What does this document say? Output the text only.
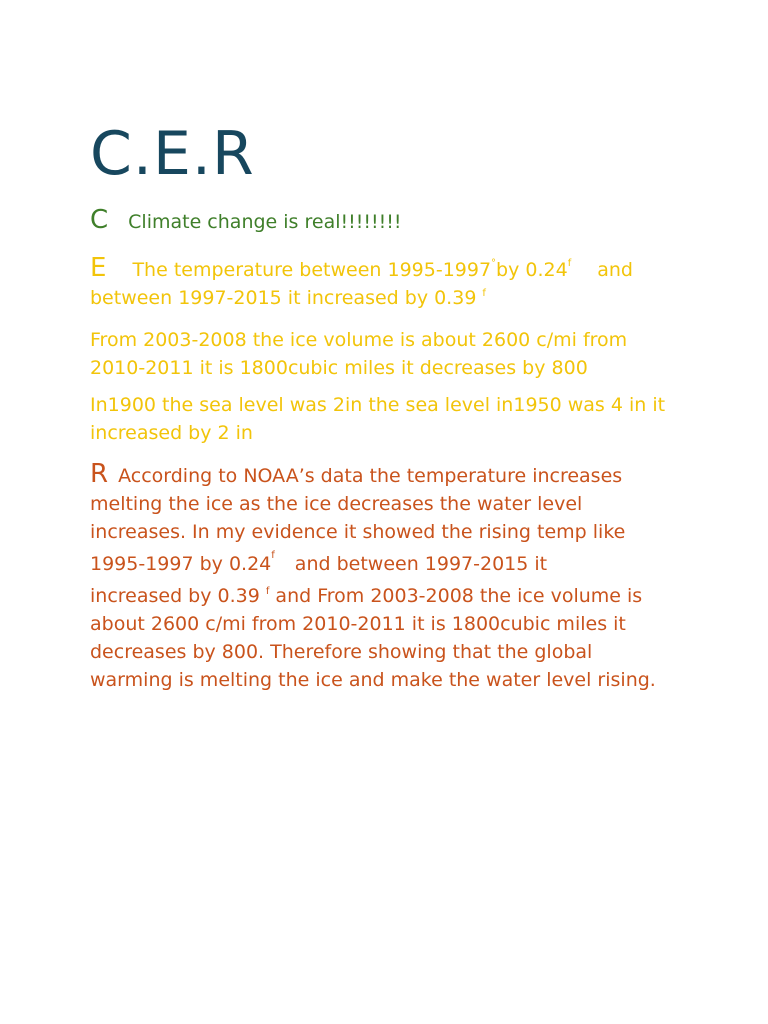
C.E.R

C Climate change is real!!!!!!!!

E The temperature between 1995-1997°by 0.24$^f$ and
between 1997-2015 it increased by 0.39 $^f$

From 2003-2008 the ice volume is about 2600 c/mi from 2010-2011 it is 1800cubic miles it decreases by 800

In1900 the sea level was 2in the sea level in1950 was 4 in it increased by 2 in

R According to NOAA’s data the temperature increases melting the ice as the ice decreases the water level increases. In my evidence it showed the rising temp like
1995-1997 by 0.24$^f$ and between 1997-2015 it
increased by 0.39 $^f$ and From 2003-2008 the ice volume is about 2600 c/mi from 2010-2011 it is 1800cubic miles it decreases by 800. Therefore showing that the global warming is melting the ice and make the water level rising.
